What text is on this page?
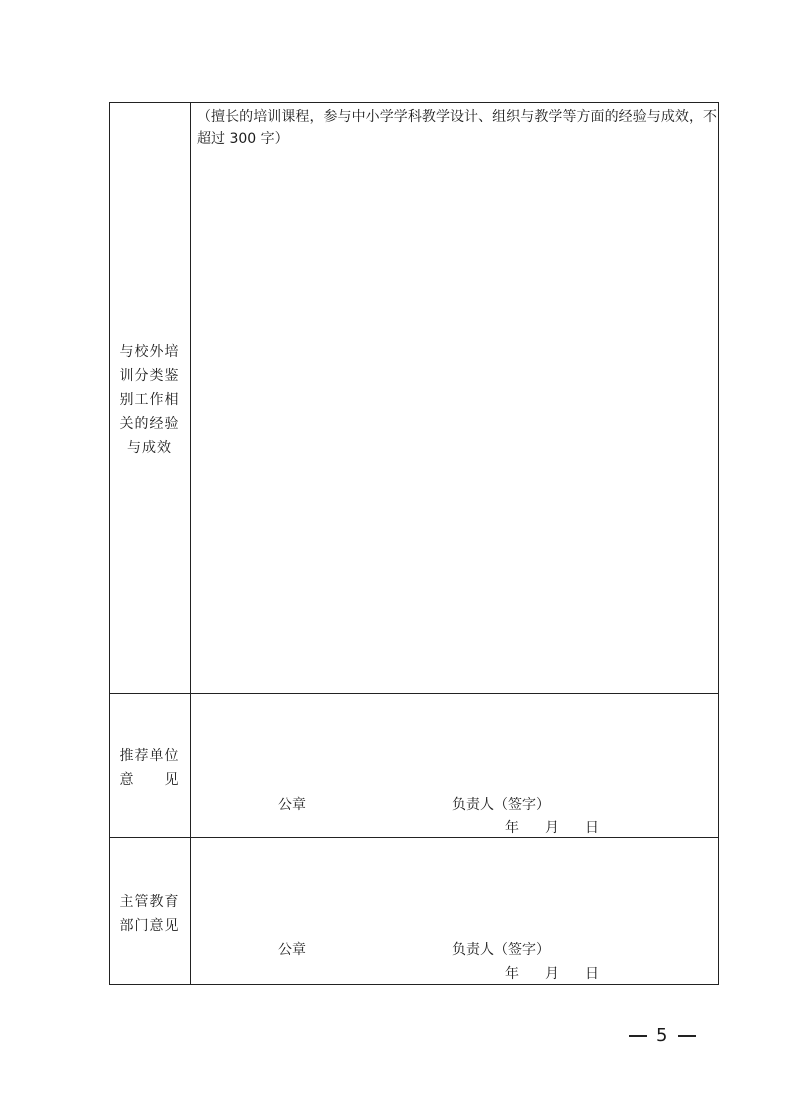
与校外培
训分类鉴
别工作相
关的经验
与成效
（擅长的培训课程，参与中小学学科教学设计、组织与教学等方面的经验与成效，不超过 300 字）
推荐单位
意　　见
公章	负责人（签字）
年 月 日
主管教育
部门意见
公章	负责人（签字）
年 月 日
5
